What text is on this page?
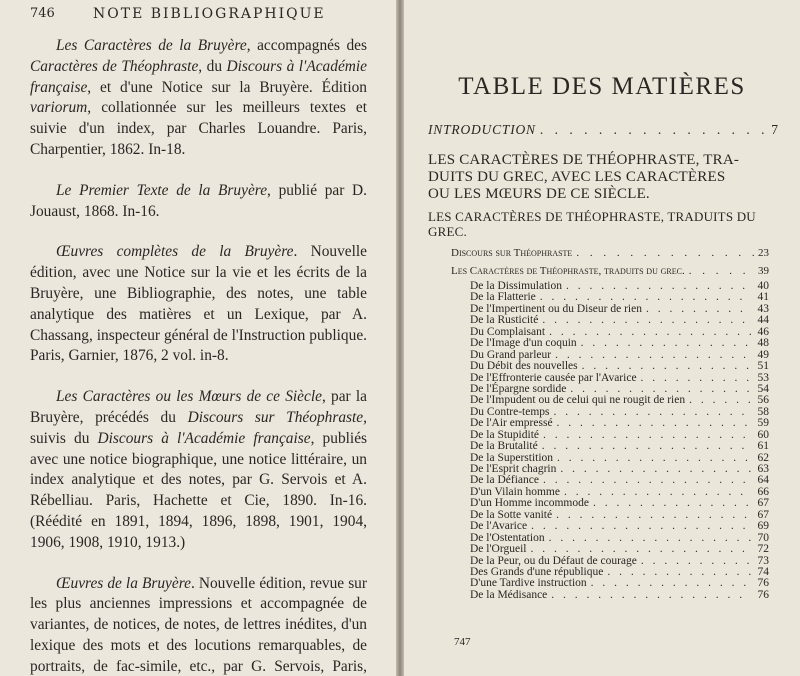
746	NOTE BIBLIOGRAPHIQUE

Les Caractères de la Bruyère, accompagnés des Caractères de Théophraste, du Discours à l'Académie française, et d'une Notice sur la Bruyère. Édition variorum, collationnée sur les meilleurs textes et suivie d'un index, par Charles Louandre. Paris, Charpentier, 1862. In-18.

Le Premier Texte de la Bruyère, publié par D. Jouaust, 1868. In-16.

Œuvres complètes de la Bruyère. Nouvelle édition, avec une Notice sur la vie et les écrits de la Bruyère, une Bibliographie, des notes, une table analytique des matières et un Lexique, par A. Chassang, inspecteur général de l'Instruction publique. Paris, Garnier, 1876, 2 vol. in-8.

Les Caractères ou les Mœurs de ce Siècle, par la Bruyère, précédés du Discours sur Théophraste, suivis du Discours à l'Académie française, publiés avec une notice biographique, une notice littéraire, un index analytique et des notes, par G. Servois et A. Rébelliau. Paris, Hachette et Cie, 1890. In-16. (Réédité en 1891, 1894, 1896, 1898, 1901, 1904, 1906, 1908, 1910, 1913.)

Œuvres de la Bruyère. Nouvelle édition, revue sur les plus anciennes impressions et accompagnée de variantes, de notices, de notes, de lettres inédites, d'un lexique des mots et des locutions remarquables, de portraits, de fac-simile, etc., par G. Servois, Paris,

TABLE DES MATIÈRES
INTRODUCTION . . .	7
LES CARACTÈRES DE THÉOPHRASTE, TRA-
DUITS DU GREC, AVEC LES CARACTÈRES
OU LES MŒURS DE CE SIÈCLE.
LES CARACTÈRES DE THÉOPHRASTE, TRADUITS DU
GREC.
Discours sur Théophraste . . .	23
Les Caractères de Théophraste, traduits du grec. . . .	39
De la Dissimulation . . .	40
De la Flatterie . . .	41
De l'Impertinent ou du Diseur de rien . . .	43
De la Rusticité . . .	44
Du Complaisant . . .	46
De l'Image d'un coquin . . .	48
Du Grand parleur . . .	49
Du Débit des nouvelles . . .	51
De l'Effronterie causée par l'Avarice . . .	53
De l'Épargne sordide . . .	54
De l'Impudent ou de celui qui ne rougit de rien . . .	56
Du Contre-temps . . .	58
De l'Air empressé . . .	59
De la Stupidité . . .	60
De la Brutalité . . .	61
De la Superstition . . .	62
De l'Esprit chagrin . . .	63
De la Défiance . . .	64
D'un Vilain homme . . .	66
D'un Homme incommode . . .	67
De la Sotte vanité . . .	67
De l'Avarice . . .	69
De l'Ostentation . . .	70
De l'Orgueil . . .	72
De la Peur, ou du Défaut de courage . . .	73
Des Grands d'une république . . .	74
D'une Tardive instruction . . .	76
De la Médisance . . .	76
747
